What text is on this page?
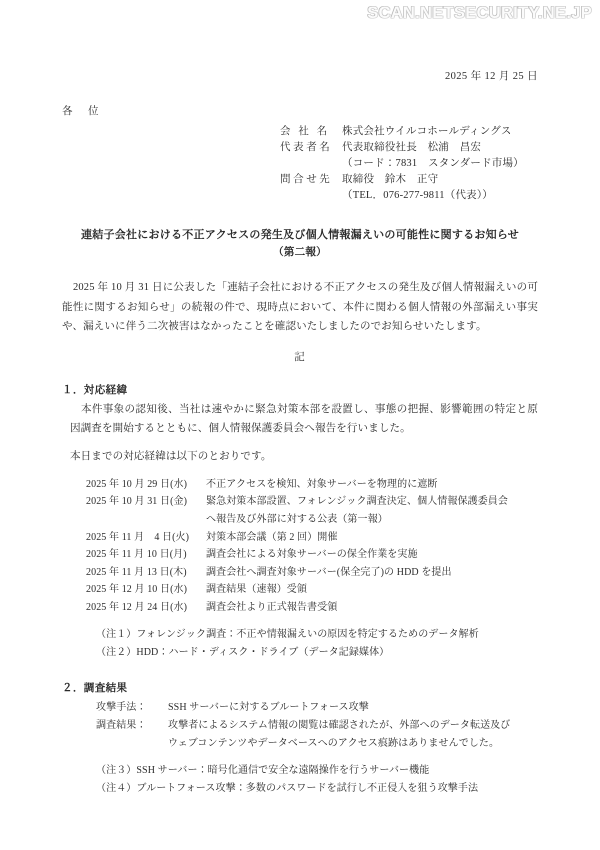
SCAN.NETSECURITY.NE.JP
2025 年 12 月 25 日
各　位
会 社 名	株式会社ウイルコホールディングス
代表者名 代表取締役社長　松浦　昌宏
（コード：7831　スタンダード市場）
問合せ先 取締役　鈴木　正守
（TEL．076-277-9811（代表））
連結子会社における不正アクセスの発生及び個人情報漏えいの可能性に関するお知らせ
（第二報）
2025 年 10 月 31 日に公表した「連結子会社における不正アクセスの発生及び個人情報漏えいの可能性に関するお知らせ」の続報の件で、現時点において、本件に関わる個人情報の外部漏えい事実や、漏えいに伴う二次被害はなかったことを確認いたしましたのでお知らせいたします。
記
１．対応経緯
本件事象の認知後、当社は速やかに緊急対策本部を設置し、事態の把握、影響範囲の特定と原因調査を開始するとともに、個人情報保護委員会へ報告を行いました。
本日までの対応経緯は以下のとおりです。
2025 年 10 月 29 日(水)	不正アクセスを検知、対象サーバーを物理的に遮断
2025 年 10 月 31 日(金)	緊急対策本部設置、フォレンジック調査決定、個人情報保護委員会
へ報告及び外部に対する公表（第一報）
2025 年 11 月　4 日(火)	対策本部会議（第 2 回）開催
2025 年 11 月 10 日(月)	調査会社による対象サーバーの保全作業を実施
2025 年 11 月 13 日(木)	調査会社へ調査対象サーバー(保全完了)の HDD を提出
2025 年 12 月 10 日(水)	調査結果（速報）受領
2025 年 12 月 24 日(水)	調査会社より正式報告書受領
（注１）フォレンジック調査：不正や情報漏えいの原因を特定するためのデータ解析
（注２）HDD：ハード・ディスク・ドライブ（データ記録媒体）
２．調査結果
攻撃手法：	SSH サーバーに対するブルートフォース攻撃
調査結果：	攻撃者によるシステム情報の閲覧は確認されたが、外部へのデータ転送及び
ウェブコンテンツやデータベースへのアクセス痕跡はありませんでした。
（注３）SSH サーバー：暗号化通信で安全な遠隔操作を行うサーバー機能
（注４）ブルートフォース攻撃：多数のパスワードを試行し不正侵入を狙う攻撃手法
